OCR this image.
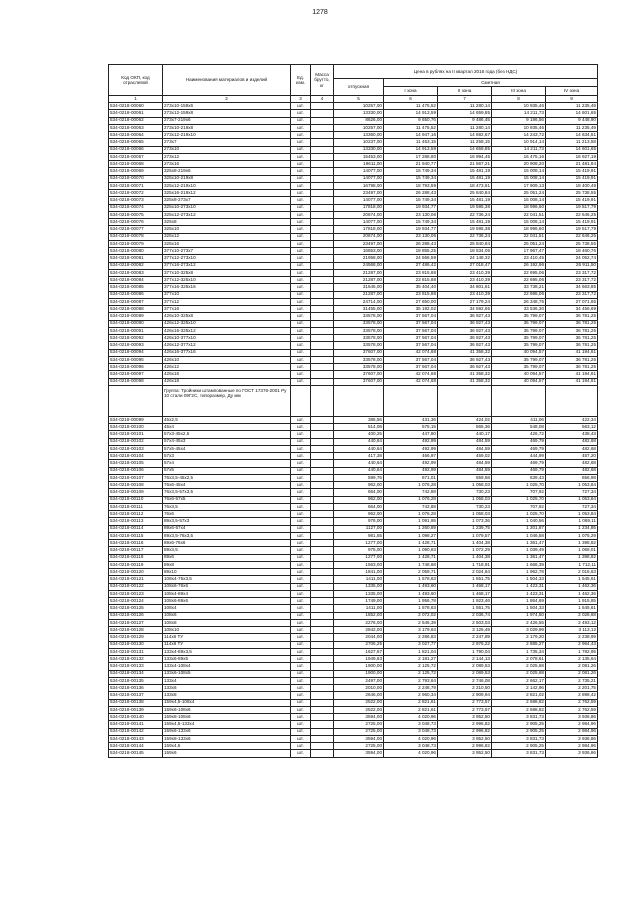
1278
Код ОКП, код отраслевой	Наименования материалов и изделий	Ед. изм.	Масса брутто, кг	Цена в рублях на II квартал 2016 года (без НДС)				
				отпускная	Сметная			
					I зона	II зона	III зона	IV зона
1	2	3	4	5	6	7	8	9
534-0218-00060	273х10-159х6	шт.		10257,00	11 475,52	11 280,14	10 935,46	11 235,49
534-0218-00061	273х12-159х8	шт.		13330,00	14 913,59	14 659,85	14 211,73	14 601,65
534-0218-00062	273х7-219х6	шт.		8626,00	9 650,76	9 486,45	9 196,56	9 448,90
534-0218-00063	273х10-219х8	шт.		10257,00	11 475,52	11 280,14	10 935,46	11 235,49
534-0218-00064	273х12-219х10	шт.		13360,00	14 947,16	14 692,67	14 243,72	14 634,51
534-0218-00065	273х7	шт.		10237,00	11 453,15	11 258,15	10 914,14	11 213,58
534-0218-00066	273х10	шт.		13330,00	14 913,59	14 659,85	14 211,73	14 601,65
534-0218-00067	273х12	шт.		15453,00	17 288,80	16 994,45	16 475,16	16 927,19
534-0218-00068	273х16	шт.		19611,00	21 940,77	21 567,21	20 908,20	21 481,84
534-0218-00069	325х8-219х6	шт.		14077,00	15 749,34	15 481,19	15 008,14	15 419,91
534-0218-00070	325х10-219х8	шт.		14077,00	15 749,34	15 481,19	15 008,14	15 419,91
534-0218-00071	325х12-219х10	шт.		16798,00	18 793,59	18 473,61	17 909,13	18 400,49
534-0218-00072	325х16-219х12	шт.		23497,00	26 288,43	25 840,84	25 051,24	25 738,55
534-0218-00073	325х8-273х7	шт.		14077,00	15 749,34	15 481,19	15 008,14	15 419,91
534-0218-00074	325х10-273х10	шт.		17818,00	19 934,77	19 595,38	18 996,60	19 517,79
534-0218-00075	325х12-273х12	шт.		20674,00	23 130,06	22 736,24	22 041,51	22 646,25
534-0218-00076	325х8	шт.		14077,00	15 749,34	15 481,19	15 008,14	15 419,91
534-0218-00077	325х10	шт.		17818,00	19 934,77	19 595,38	18 996,60	19 517,79
534-0218-00078	325х12	шт.		20674,00	23 130,06	22 736,24	22 041,51	22 646,25
534-0218-00079	325х16	шт.		23497,00	26 288,43	25 840,84	25 051,24	25 738,55
534-0218-00080	377х10-273х7	шт.		16853,00	18 855,25	18 534,05	17 967,47	18 460,76
534-0218-00081	377х12-273х10	шт.		21958,00	24 566,59	24 148,32	23 410,45	24 052,74
534-0218-00082	377х16-273х12	шт.		24568,00	27 486,42	27 018,47	26 192,96	26 911,50
534-0218-00083	377х10-325х8	шт.		21287,00	23 815,88	23 410,39	22 695,06	23 317,72
534-0218-00084	377х12-325х10	шт.		21287,00	23 815,88	23 410,39	22 695,06	23 317,72
534-0218-00085	377х16-325х16	шт.		31645,00	35 404,40	34 801,61	33 738,21	34 663,85
534-0218-00086	377х10	шт.		21287,00	23 815,88	23 410,39	22 695,06	23 317,72
534-0218-00087	377х12	шт.		24714,00	27 650,00	27 179,24	26 348,75	27 071,65
534-0218-00088	377х16	шт.		31455,00	35 192,02	34 592,65	33 536,30	34 456,69
534-0218-00089	426х10-325х8	шт.		33578,00	37 567,04	36 927,43	35 799,07	36 781,25
534-0218-00090	426х12-325х10	шт.		33578,00	37 567,04	36 927,43	35 799,07	36 781,25
534-0218-00091	426х16-325х12	шт.		33578,00	37 567,04	36 927,43	35 799,07	36 781,25
534-0218-00092	426х10-377х10	шт.		33578,00	37 567,04	36 927,43	35 799,07	36 781,25
534-0218-00093	426х12-377х12	шт.		33578,00	37 567,04	36 927,43	35 799,07	36 781,25
534-0218-00094	426х16-377х16	шт.		37607,00	42 074,68	41 358,32	40 094,57	41 194,61
534-0218-00095	426х10	шт.		33578,00	37 567,04	36 927,43	35 799,07	36 781,25
534-0218-00096	426х12	шт.		33578,00	37 567,04	36 927,43	35 799,07	36 781,25
534-0218-00097	426х16	шт.		37607,00	42 074,68	41 358,32	40 094,57	41 194,61
534-0218-00098	426х18	шт.		37607,00	42 074,68	41 358,32	40 094,57	41 194,61
	Группа: Тройники штампованные по ГОСТ 17376-2001 Ру 10 стали 09Г2С, типоразмер, Ду мм							
534-0218-00099	45х2,5	шт.		385,56	431,36	424,02	411,06	422,34
534-0218-00100	45х4	шт.		514,08	575,15	565,36	548,08	563,12
534-0218-00101	57х3-45х2,5	шт.		400,25	447,80	440,17	426,72	438,43
534-0218-00102	57х4-45х3	шт.		440,64	492,99	484,59	469,79	482,68
534-0218-00103	57х5-45х4	шт.		440,64	492,99	484,59	469,79	482,68
534-0218-00104	57х3	шт.		417,38	466,97	459,02	444,99	457,20
534-0218-00105	57х4	шт.		440,64	492,99	484,59	469,79	482,68
534-0218-00106	57х5	шт.		440,64	492,99	484,59	469,79	482,68
534-0218-00107	76х3,5-45х2,5	шт.		599,76	671,01	659,58	639,43	656,98
534-0218-00108	76х6-45х4	шт.		962,00	1 076,28	1 058,03	1 025,70	1 053,84
534-0218-00109	76х3,5-57х3,5	шт.		664,00	742,88	730,23	707,92	727,34
534-0218-00110	76х6-57х5	шт.		962,00	1 076,28	1 058,03	1 025,70	1 053,84
534-0218-00111	76х3,5	шт.		664,00	742,88	730,23	707,92	727,34
534-0218-00112	76х6	шт.		962,00	1 076,28	1 058,03	1 025,70	1 053,84
534-0218-00113	89х3,5-57х3	шт.		976,00	1 091,95	1 073,36	1 040,56	1 069,11
534-0218-00114	89х6-57х4	шт.		1127,00	1 260,89	1 239,75	1 201,87	1 234,85
534-0218-00115	89х3,5-76х3,5	шт.		981,55	1 098,27	1 079,57	1 046,58	1 075,29
534-0218-00116	89х6-76х6	шт.		1277,00	1 428,71	1 404,38	1 361,47	1 398,82
534-0218-00117	89х3,5	шт.		975,00	1 090,83	1 072,29	1 039,49	1 068,01
534-0218-00118	89х6	шт.		1277,00	1 428,71	1 404,38	1 361,47	1 398,82
534-0218-00119	89х8	шт.		1563,00	1 748,68	1 718,91	1 666,39	1 712,11
534-0218-00120	89х10	шт.		1841,00	2 059,71	2 024,64	1 962,78	2 016,63
534-0218-00121	108х4-76х3,5	шт.		1411,00	1 578,63	1 551,75	1 504,33	1 545,61
534-0218-00122	108х6-76х6	шт.		1335,00	1 493,60	1 468,17	1 423,31	1 462,36
534-0218-00123	108х4-89х4	шт.		1335,00	1 493,60	1 468,17	1 423,31	1 462,36
534-0218-00124	108х6-89х6	шт.		1749,00	1 956,78	1 923,46	1 864,69	1 915,85
534-0218-00125	108х4	шт.		1411,00	1 578,63	1 551,75	1 504,33	1 545,61
534-0218-00126	108х6	шт.		1852,00	2 072,02	2 036,74	1 974,50	2 028,68
534-0218-00127	108х8	шт.		2276,00	2 546,39	2 503,03	2 426,55	2 493,12
534-0218-00128	108х10	шт.		2842,00	3 179,63	3 125,49	3 029,99	3 113,12
534-0218-00129	114х6 ТУ	шт.		2044,00	2 286,83	2 247,89	2 179,20	2 238,99
534-0218-00130	114х8 ТУ	шт.		2706,25	3 027,77	2 976,22	2 885,27	2 964,43
534-0218-00131	133х4-89х3,5	шт.		1627,67	1 821,04	1 790,04	1 735,34	1 782,95
534-0218-00132	133х6-89х5	шт.		1949,63	2 181,27	2 144,13	2 078,61	2 135,64
534-0218-00133	133х4-108х4	шт.		1900,00	2 125,72	2 089,53	2 025,68	2 081,26
534-0218-00134	133х6-108х5	шт.		1900,00	2 125,72	2 089,53	2 025,68	2 081,26
534-0218-00135	133х4	шт.		2497,00	2 793,64	2 746,08	2 662,17	2 735,21
534-0218-00136	133х6	шт.		2010,00	2 248,79	2 210,50	2 142,96	2 201,75
534-0218-00137	133х8	шт.		2646,00	2 960,34	2 909,94	2 821,02	2 898,42
534-0218-00138	159х4,5-108х4	шт.		2522,00	2 821,61	2 773,57	2 688,82	2 762,59
534-0218-00139	159х6-108х6	шт.		2522,00	2 821,61	2 773,57	2 688,82	2 762,59
534-0218-00140	159х8-108х6	шт.		3594,00	4 020,96	3 952,50	3 831,73	3 936,86
534-0218-00141	159х4,5-133х4	шт.		2725,00	3 048,73	2 996,82	2 905,25	2 984,96
534-0218-00142	159х6-133х6	шт.		2725,00	3 048,73	2 996,82	2 905,25	2 984,96
534-0218-00143	159х8-133х6	шт.		3594,00	4 020,96	3 952,50	3 831,73	3 936,86
534-0218-00144	159х4,5	шт.		2725,00	3 048,73	2 996,82	2 905,25	2 984,96
534-0218-00145	159х6	шт.		3594,00	4 020,96	3 952,50	3 831,73	3 936,86
